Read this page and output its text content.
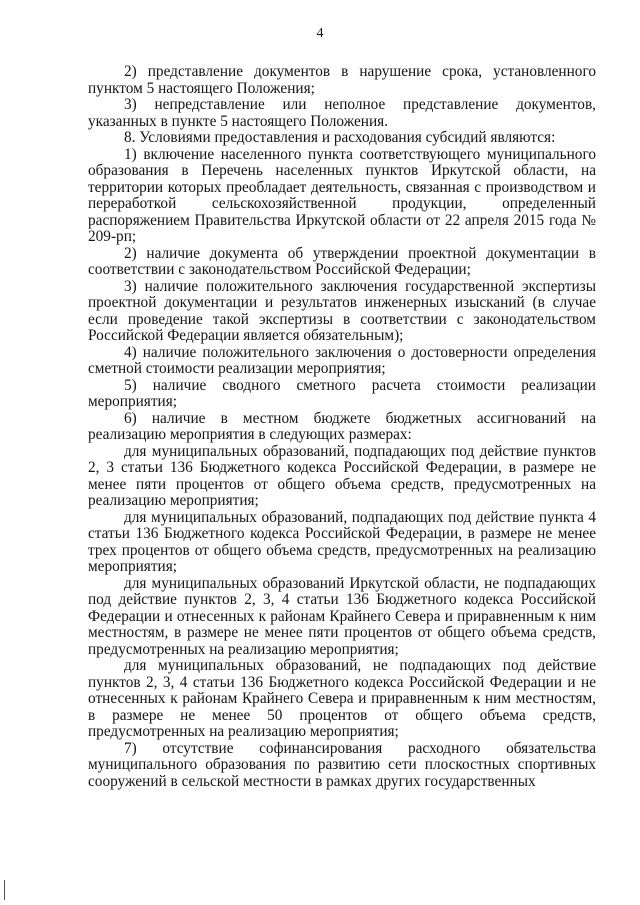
4

2) представление документов в нарушение срока, установленного пунктом 5 настоящего Положения;

3) непредставление или неполное представление документов, указанных в пункте 5 настоящего Положения.

8. Условиями предоставления и расходования субсидий являются:

1) включение населенного пункта соответствующего муниципального образования в Перечень населенных пунктов Иркутской области, на территории которых преобладает деятельность, связанная с производством и переработкой сельскохозяйственной продукции, определенный распоряжением Правительства Иркутской области от 22 апреля 2015 года № 209-рп;

2) наличие документа об утверждении проектной документации в соответствии с законодательством Российской Федерации;

3) наличие положительного заключения государственной экспертизы проектной документации и результатов инженерных изысканий (в случае если проведение такой экспертизы в соответствии с законодательством Российской Федерации является обязательным);

4) наличие положительного заключения о достоверности определения сметной стоимости реализации мероприятия;

5) наличие сводного сметного расчета стоимости реализации мероприятия;

6) наличие в местном бюджете бюджетных ассигнований на реализацию мероприятия в следующих размерах:

для муниципальных образований, подпадающих под действие пунктов 2, 3 статьи 136 Бюджетного кодекса Российской Федерации, в размере не менее пяти процентов от общего объема средств, предусмотренных на реализацию мероприятия;

для муниципальных образований, подпадающих под действие пункта 4 статьи 136 Бюджетного кодекса Российской Федерации, в размере не менее трех процентов от общего объема средств, предусмотренных на реализацию мероприятия;

для муниципальных образований Иркутской области, не подпадающих под действие пунктов 2, 3, 4 статьи 136 Бюджетного кодекса Российской Федерации и отнесенных к районам Крайнего Севера и приравненным к ним местностям, в размере не менее пяти процентов от общего объема средств, предусмотренных на реализацию мероприятия;

для муниципальных образований, не подпадающих под действие пунктов 2, 3, 4 статьи 136 Бюджетного кодекса Российской Федерации и не отнесенных к районам Крайнего Севера и приравненным к ним местностям, в размере не менее 50 процентов от общего объема средств, предусмотренных на реализацию мероприятия;

7) отсутствие софинансирования расходного обязательства муниципального образования по развитию сети плоскостных спортивных сооружений в сельской местности в рамках других государственных
